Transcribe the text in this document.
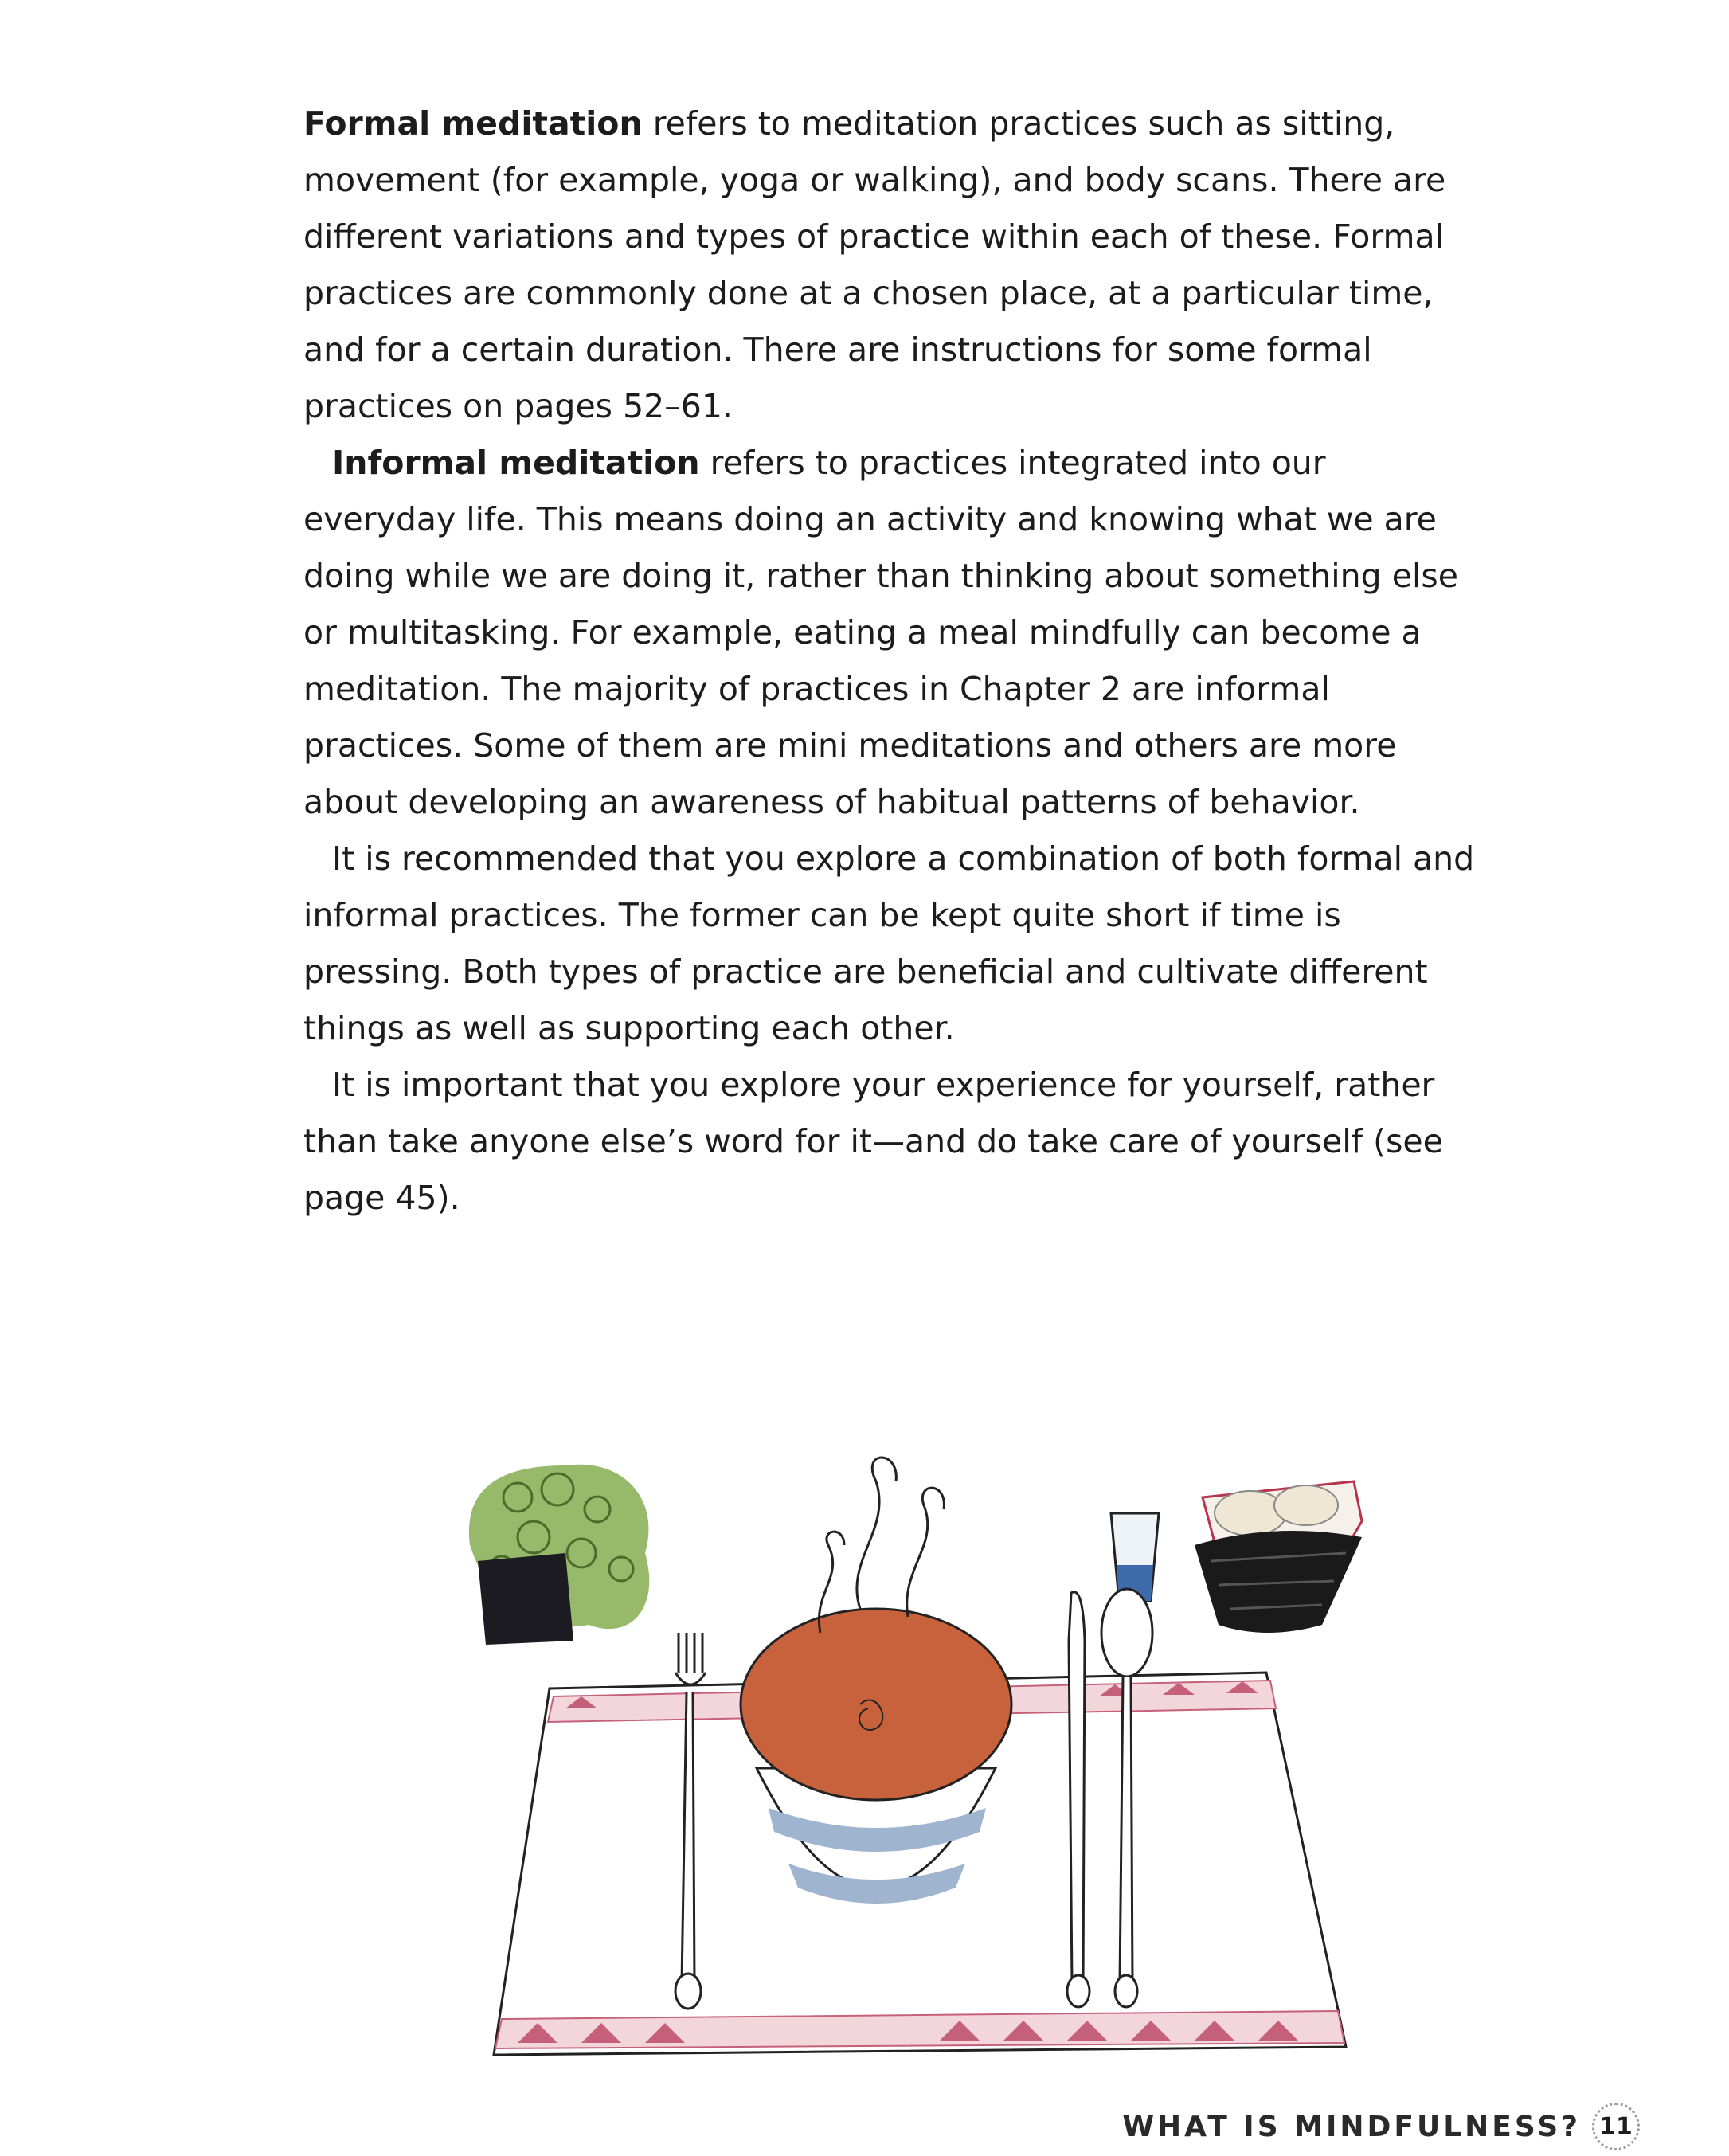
Formal meditation refers to meditation practices such as sitting, movement (for example, yoga or walking), and body scans. There are different variations and types of practice within each of these. Formal practices are commonly done at a chosen place, at a particular time, and for a certain duration. There are instructions for some formal practices on pages 52–61.

Informal meditation refers to practices integrated into our everyday life. This means doing an activity and knowing what we are doing while we are doing it, rather than thinking about something else or multitasking. For example, eating a meal mindfully can become a meditation. The majority of practices in Chapter 2 are informal practices. Some of them are mini meditations and others are more about developing an awareness of habitual patterns of behavior.

It is recommended that you explore a combination of both formal and informal practices. The former can be kept quite short if time is pressing. Both types of practice are beneficial and cultivate different things as well as supporting each other.

It is important that you explore your experience for yourself, rather than take anyone else’s word for it—and do take care of yourself (see page 45).

WHAT IS MINDFULNESS? 11
